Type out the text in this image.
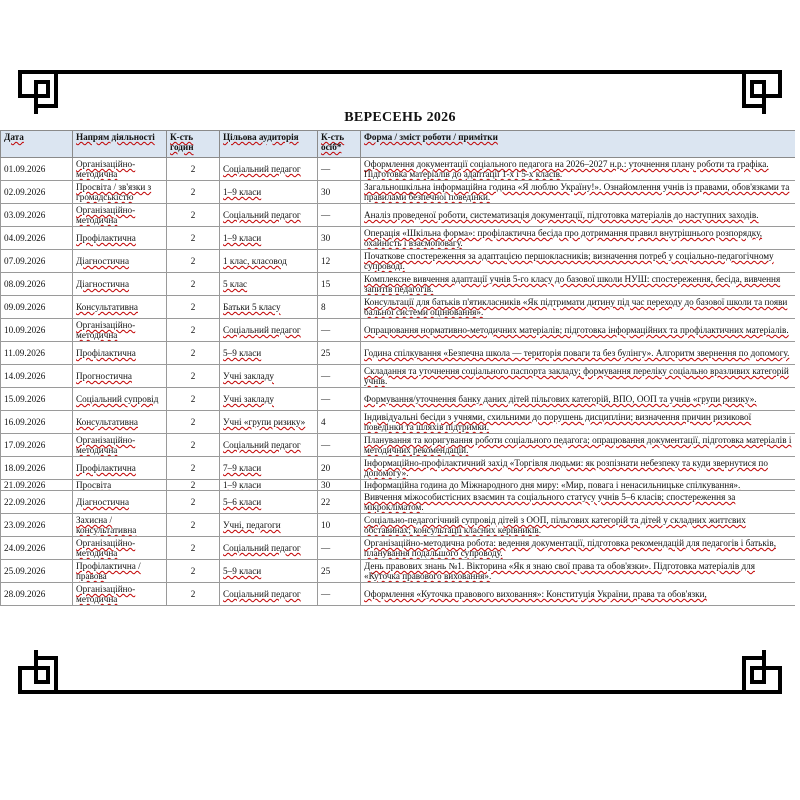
ВЕРЕСЕНЬ 2026
Дата	Напрям діяльності	К-сть годин	Цільова аудиторія	К-сть осіб*	Форма / зміст роботи / примітки
01.09.2026	Організаційно-методична	2	Соціальний педагог	—	Оформлення документації соціального педагога на 2026–2027 н.р.: уточнення плану роботи та графіка. Підготовка матеріалів до адаптації 1-х і 5-х класів.
02.09.2026	Просвіта / зв'язки з громадськістю	2	1–9 класи	30	Загальношкільна інформаційна година «Я люблю Україну!». Ознайомлення учнів із правами, обов'язками та правилами безпечної поведінки.
03.09.2026	Організаційно-методична	2	Соціальний педагог	—	Аналіз проведеної роботи, систематизація документації, підготовка матеріалів до наступних заходів.
04.09.2026	Профілактична	2	1–9 класи	30	Операція «Шкільна форма»: профілактична бесіда про дотримання правил внутрішнього розпорядку, охайність і взаємоповагу.
07.09.2026	Діагностична	2	1 клас, класовод	12	Початкове спостереження за адаптацією першокласників; визначення потреб у соціально-педагогічному супроводі.
08.09.2026	Діагностична	2	5 клас	15	Комплексне вивчення адаптації учнів 5-го класу до базової школи НУШ: спостереження, бесіда, вивчення запитів педагогів.
09.09.2026	Консультативна	2	Батьки 5 класу	8	Консультації для батьків п'ятикласників «Як підтримати дитину під час переходу до базової школи та появи бальної системи оцінювання».
10.09.2026	Організаційно-методична	2	Соціальний педагог	—	Опрацювання нормативно-методичних матеріалів; підготовка інформаційних та профілактичних матеріалів.
11.09.2026	Профілактична	2	5–9 класи	25	Година спілкування «Безпечна школа — територія поваги та без булінгу». Алгоритм звернення по допомогу.
14.09.2026	Прогностична	2	Учні закладу	—	Складання та уточнення соціального паспорта закладу; формування переліку соціально вразливих категорій учнів.
15.09.2026	Соціальний супровід	2	Учні закладу	—	Формування/уточнення банку даних дітей пільгових категорій, ВПО, ООП та учнів «групи ризику».
16.09.2026	Консультативна	2	Учні «групи ризику»	4	Індивідуальні бесіди з учнями, схильними до порушень дисципліни; визначення причин ризикової поведінки та шляхів підтримки.
17.09.2026	Організаційно-методична	2	Соціальний педагог	—	Планування та коригування роботи соціального педагога; опрацювання документації, підготовка матеріалів і методичних рекомендацій.
18.09.2026	Профілактична	2	7–9 класи	20	Інформаційно-профілактичний захід «Торгівля людьми: як розпізнати небезпеку та куди звернутися по допомогу».
21.09.2026	Просвіта	2	1–9 класи	30	Інформаційна година до Міжнародного дня миру: «Мир, повага і ненасильницьке спілкування».
22.09.2026	Діагностична	2	5–6 класи	22	Вивчення міжособистісних взаємин та соціального статусу учнів 5–6 класів; спостереження за мікрокліматом.
23.09.2026	Захисна / консультативна	2	Учні, педагоги	10	Соціально-педагогічний супровід дітей з ООП, пільгових категорій та дітей у складних життєвих обставинах; консультації класних керівників.
24.09.2026	Організаційно-методична	2	Соціальний педагог	—	Організаційно-методична робота: ведення документації, підготовка рекомендацій для педагогів і батьків, планування подальшого супроводу.
25.09.2026	Профілактична / правова	2	5–9 класи	25	День правових знань №1. Вікторина «Як я знаю свої права та обов'язки». Підготовка матеріалів для «Куточка правового виховання».
28.09.2026	Організаційно-методична	2	Соціальний педагог	—	Оформлення «Куточка правового виховання»: Конституція України, права та обов'язки,
